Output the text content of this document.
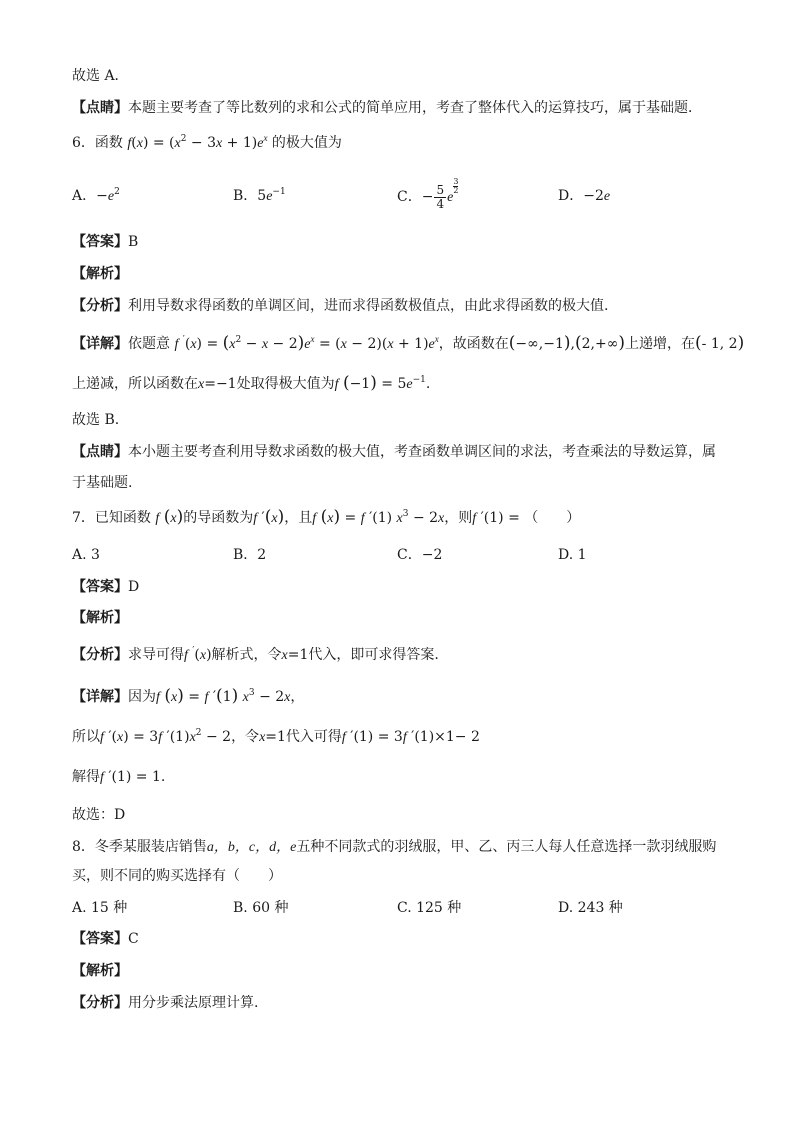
故选 A．
【点睛】本题主要考查了等比数列的求和公式的简单应用，考查了整体代入的运算技巧，属于基础题．
6．函数 $f(x) = (x^2 - 3x + 1)e^x$ 的极大值为
A．$-e^2$	B．$5e^{-1}$	C．− $\frac{5}{4}$ e
$\frac{3}{2}$
D．−2e
【答案】B
【解析】
【分析】利用导数求得函数的单调区间，进而求得函数极值点，由此求得函数的极大值.
【详解】依题意 f $'(x) = (x^2 - x - 2)e^x = (x - 2)(x + 1)e^x$，故函数在(−∞,−1),(2,+∞)上递增，在(- 1, 2)
上递减，所以函数在x=−1处取得极大值为f $(-1) = 5e^{-1}$.
故选 B.
【点睛】本小题主要考查利用导数求函数的极大值，考查函数单调区间的求法，考查乘法的导数运算，属
于基础题.
7．已知函数 f (x)的导函数为f ′(x)，且f (x) = f ′(1) $x^3 - 2x$，则f ′(1) = （　　）
A. 3	B．2	C．−2	D. 1
【答案】D
【解析】
【分析】求导可得f ′(x)解析式，令x=1代入，即可求得答案.
【详解】因为f (x) = f ′(1) $x^3 - 2x$，
所以f ′(x) = 3f $'(1)x^2 - 2$，令x=1代入可得f ′(1) = 3f ′(1)×1− 2
解得f ′(1) = 1.
故选：D
8．冬季某服装店销售a，b，c，d，e五种不同款式的羽绒服，甲、乙、丙三人每人任意选择一款羽绒服购
买，则不同的购买选择有（　　）
A. 15 种	B. 60 种	C. 125 种	D. 243 种
【答案】C
【解析】
【分析】用分步乘法原理计算.
